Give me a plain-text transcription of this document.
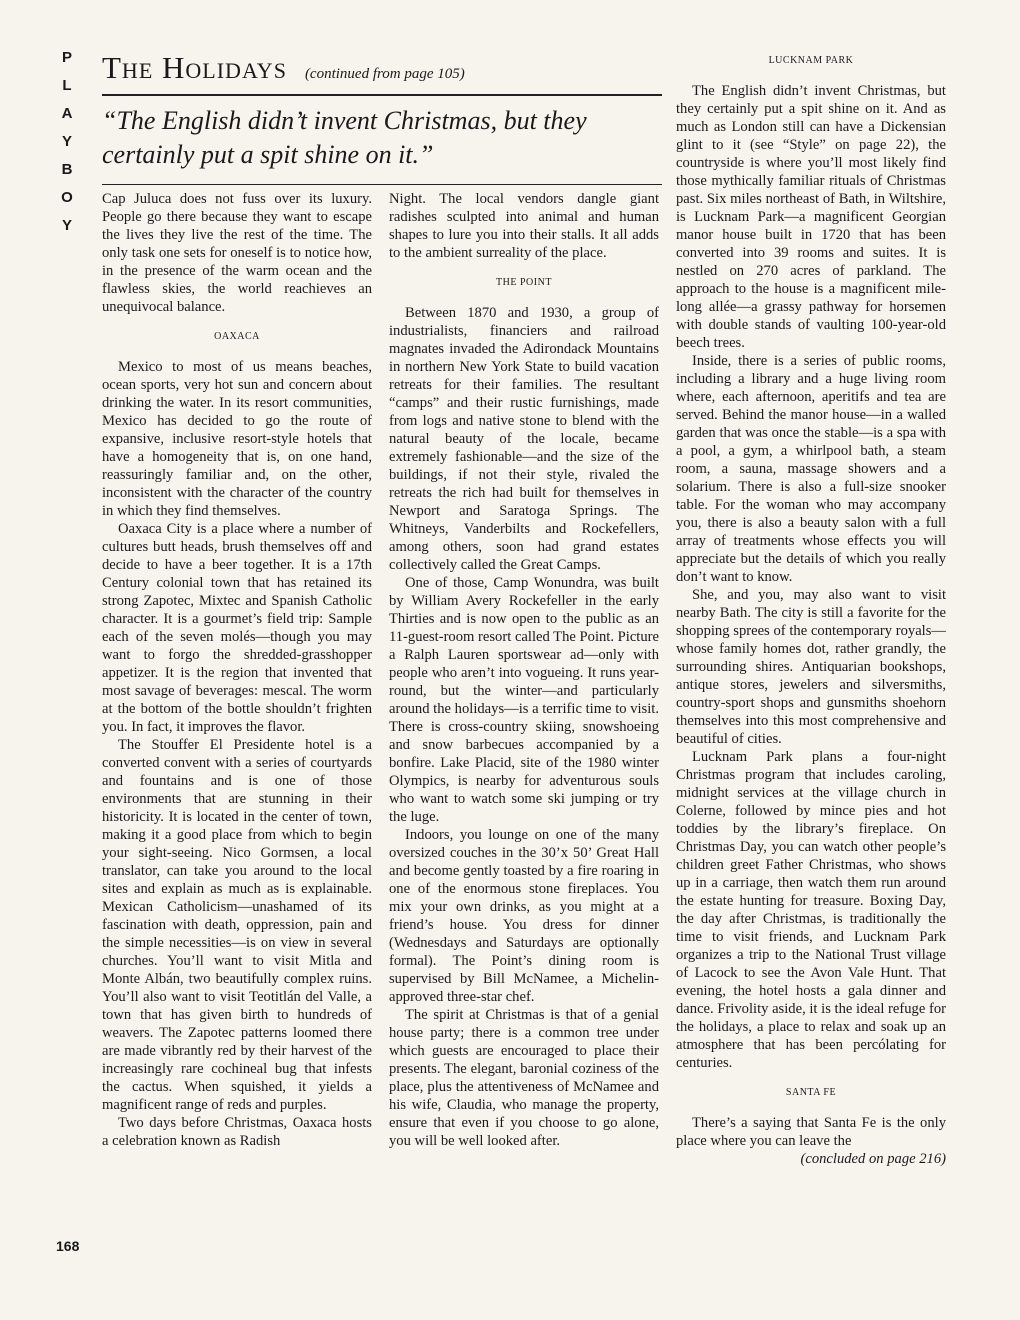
P
L
A
Y
B
O
Y
168
The Holidays (continued from page 105)

“The English didn’t invent Christmas, but they certainly put a spit shine on it.”

Cap Juluca does not fuss over its luxury. People go there because they want to escape the lives they live the rest of the time. The only task one sets for oneself is to notice how, in the presence of the warm ocean and the flawless skies, the world reachieves an unequivocal balance.

OAXACA

Mexico to most of us means beaches, ocean sports, very hot sun and concern about drinking the water. In its resort communities, Mexico has decided to go the route of expansive, inclusive resort-style hotels that have a homogeneity that is, on one hand, reassuringly familiar and, on the other, inconsistent with the character of the country in which they find themselves.

Oaxaca City is a place where a number of cultures butt heads, brush themselves off and decide to have a beer together. It is a 17th Century colonial town that has retained its strong Zapotec, Mixtec and Spanish Catholic character. It is a gourmet’s field trip: Sample each of the seven molés—though you may want to forgo the shredded-grasshopper appetizer. It is the region that invented that most savage of beverages: mescal. The worm at the bottom of the bottle shouldn’t frighten you. In fact, it improves the flavor.

The Stouffer El Presidente hotel is a converted convent with a series of courtyards and fountains and is one of those environments that are stunning in their historicity. It is located in the center of town, making it a good place from which to begin your sight-seeing. Nico Gormsen, a local translator, can take you around to the local sites and explain as much as is explainable. Mexican Catholicism—unashamed of its fascination with death, oppression, pain and the simple necessities—is on view in several churches. You’ll want to visit Mitla and Monte Albán, two beautifully complex ruins. You’ll also want to visit Teotitlán del Valle, a town that has given birth to hundreds of weavers. The Zapotec patterns loomed there are made vibrantly red by their harvest of the increasingly rare cochineal bug that infests the cactus. When squished, it yields a magnificent range of reds and purples.

Two days before Christmas, Oaxaca hosts a celebration known as Radish

Night. The local vendors dangle giant radishes sculpted into animal and human shapes to lure you into their stalls. It all adds to the ambient surreality of the place.

THE POINT

Between 1870 and 1930, a group of industrialists, financiers and railroad magnates invaded the Adirondack Mountains in northern New York State to build vacation retreats for their families. The resultant “camps” and their rustic furnishings, made from logs and native stone to blend with the natural beauty of the locale, became extremely fashionable—and the size of the buildings, if not their style, rivaled the retreats the rich had built for themselves in Newport and Saratoga Springs. The Whitneys, Vanderbilts and Rockefellers, among others, soon had grand estates collectively called the Great Camps.

One of those, Camp Wonundra, was built by William Avery Rockefeller in the early Thirties and is now open to the public as an 11-guest-room resort called The Point. Picture a Ralph Lauren sportswear ad—only with people who aren’t into vogueing. It runs year-round, but the winter—and particularly around the holidays—is a terrific time to visit. There is cross-country skiing, snowshoeing and snow barbecues accompanied by a bonfire. Lake Placid, site of the 1980 winter Olympics, is nearby for adventurous souls who want to watch some ski jumping or try the luge.

Indoors, you lounge on one of the many oversized couches in the 30’x 50’ Great Hall and become gently toasted by a fire roaring in one of the enormous stone fireplaces. You mix your own drinks, as you might at a friend’s house. You dress for dinner (Wednesdays and Saturdays are optionally formal). The Point’s dining room is supervised by Bill McNamee, a Michelin-approved three-star chef.

The spirit at Christmas is that of a genial house party; there is a common tree under which guests are encouraged to place their presents. The elegant, baronial coziness of the place, plus the attentiveness of McNamee and his wife, Claudia, who manage the property, ensure that even if you choose to go alone, you will be well looked after.

LUCKNAM PARK

The English didn’t invent Christmas, but they certainly put a spit shine on it. And as much as London still can have a Dickensian glint to it (see “Style” on page 22), the countryside is where you’ll most likely find those mythically familiar rituals of Christmas past. Six miles northeast of Bath, in Wiltshire, is Lucknam Park—a magnificent Georgian manor house built in 1720 that has been converted into 39 rooms and suites. It is nestled on 270 acres of parkland. The approach to the house is a magnificent mile-long allée—a grassy pathway for horsemen with double stands of vaulting 100-year-old beech trees.

Inside, there is a series of public rooms, including a library and a huge living room where, each afternoon, aperitifs and tea are served. Behind the manor house—in a walled garden that was once the stable—is a spa with a pool, a gym, a whirlpool bath, a steam room, a sauna, massage showers and a solarium. There is also a full-size snooker table. For the woman who may accompany you, there is also a beauty salon with a full array of treatments whose effects you will appreciate but the details of which you really don’t want to know.

She, and you, may also want to visit nearby Bath. The city is still a favorite for the shopping sprees of the contemporary royals—whose family homes dot, rather grandly, the surrounding shires. Antiquarian bookshops, antique stores, jewelers and silversmiths, country-sport shops and gunsmiths shoehorn themselves into this most comprehensive and beautiful of cities.

Lucknam Park plans a four-night Christmas program that includes caroling, midnight services at the village church in Colerne, followed by mince pies and hot toddies by the library’s fireplace. On Christmas Day, you can watch other people’s children greet Father Christmas, who shows up in a carriage, then watch them run around the estate hunting for treasure. Boxing Day, the day after Christmas, is traditionally the time to visit friends, and Lucknam Park organizes a trip to the National Trust village of Lacock to see the Avon Vale Hunt. That evening, the hotel hosts a gala dinner and dance. Frivolity aside, it is the ideal refuge for the holidays, a place to relax and soak up an atmosphere that has been percólating for centuries.

SANTA FE

There’s a saying that Santa Fe is the only place where you can leave the

(concluded on page 216)
